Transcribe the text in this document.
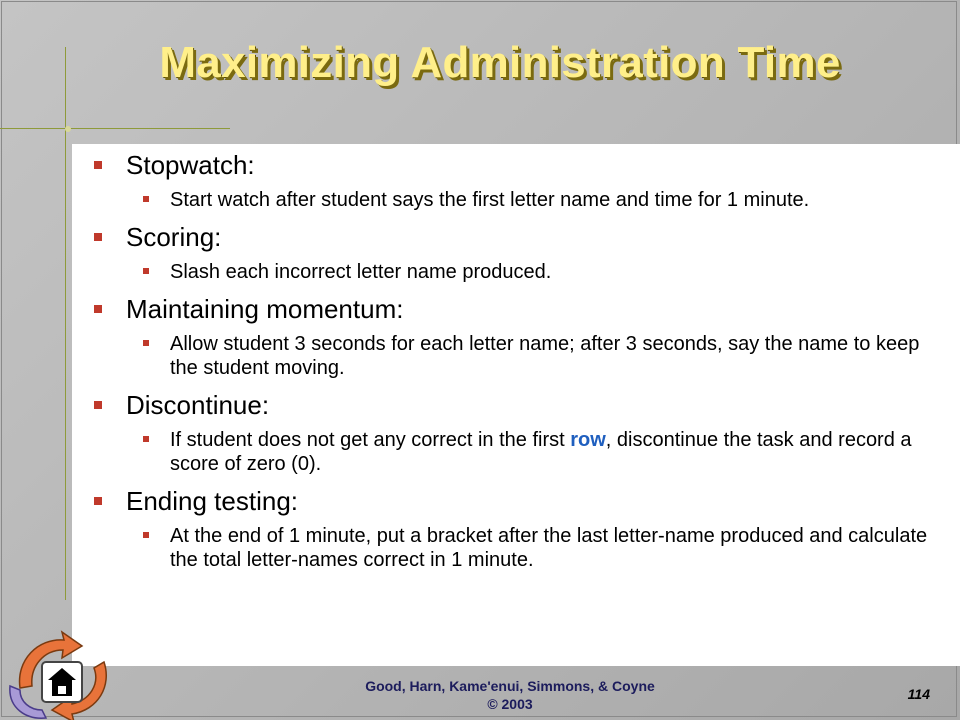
Maximizing Administration Time
Stopwatch:
Start watch after student says the first letter name and time for 1 minute.
Scoring:
Slash each incorrect letter name produced.
Maintaining momentum:
Allow student 3 seconds for each letter name; after 3 seconds, say the name to keep the student moving.
Discontinue:
If student does not get any correct in the first row, discontinue the task and record a score of zero (0).
Ending testing:
At the end of 1 minute, put a bracket after the last letter-name produced and calculate the total letter-names correct in 1 minute.
Good, Harn, Kame'enui, Simmons, & Coyne
© 2003
114
